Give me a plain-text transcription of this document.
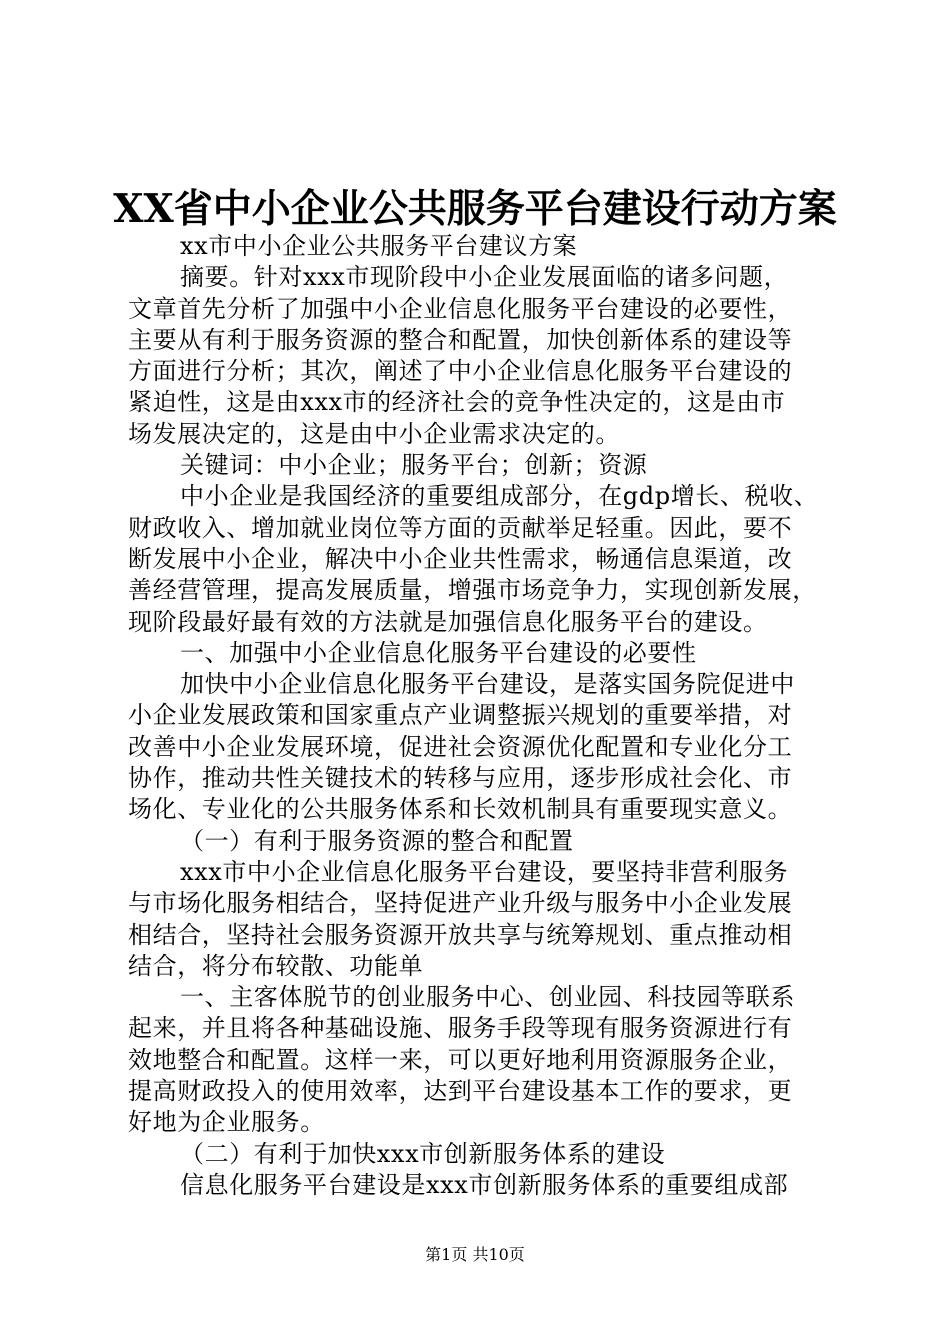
XX省中小企业公共服务平台建设行动方案
xx市中小企业公共服务平台建议方案
摘要。针对xxx市现阶段中小企业发展面临的诸多问题，
文章首先分析了加强中小企业信息化服务平台建设的必要性，
主要从有利于服务资源的整合和配置，加快创新体系的建设等
方面进行分析；其次，阐述了中小企业信息化服务平台建设的
紧迫性，这是由xxx市的经济社会的竞争性决定的，这是由市
场发展决定的，这是由中小企业需求决定的。
关键词：中小企业；服务平台；创新；资源
中小企业是我国经济的重要组成部分，在gdp增长、税收、
财政收入、增加就业岗位等方面的贡献举足轻重。因此，要不
断发展中小企业，解决中小企业共性需求，畅通信息渠道，改
善经营管理，提高发展质量，增强市场竞争力，实现创新发展，
现阶段最好最有效的方法就是加强信息化服务平台的建设。
一、加强中小企业信息化服务平台建设的必要性
加快中小企业信息化服务平台建设，是落实国务院促进中
小企业发展政策和国家重点产业调整振兴规划的重要举措，对
改善中小企业发展环境，促进社会资源优化配置和专业化分工
协作，推动共性关键技术的转移与应用，逐步形成社会化、市
场化、专业化的公共服务体系和长效机制具有重要现实意义。
（一）有利于服务资源的整合和配置
xxx市中小企业信息化服务平台建设，要坚持非营利服务
与市场化服务相结合，坚持促进产业升级与服务中小企业发展
相结合，坚持社会服务资源开放共享与统筹规划、重点推动相
结合，将分布较散、功能单
一、主客体脱节的创业服务中心、创业园、科技园等联系
起来，并且将各种基础设施、服务手段等现有服务资源进行有
效地整合和配置。这样一来，可以更好地利用资源服务企业，
提高财政投入的使用效率，达到平台建设基本工作的要求，更
好地为企业服务。
（二）有利于加快xxx市创新服务体系的建设
信息化服务平台建设是xxx市创新服务体系的重要组成部
第1页 共10页
